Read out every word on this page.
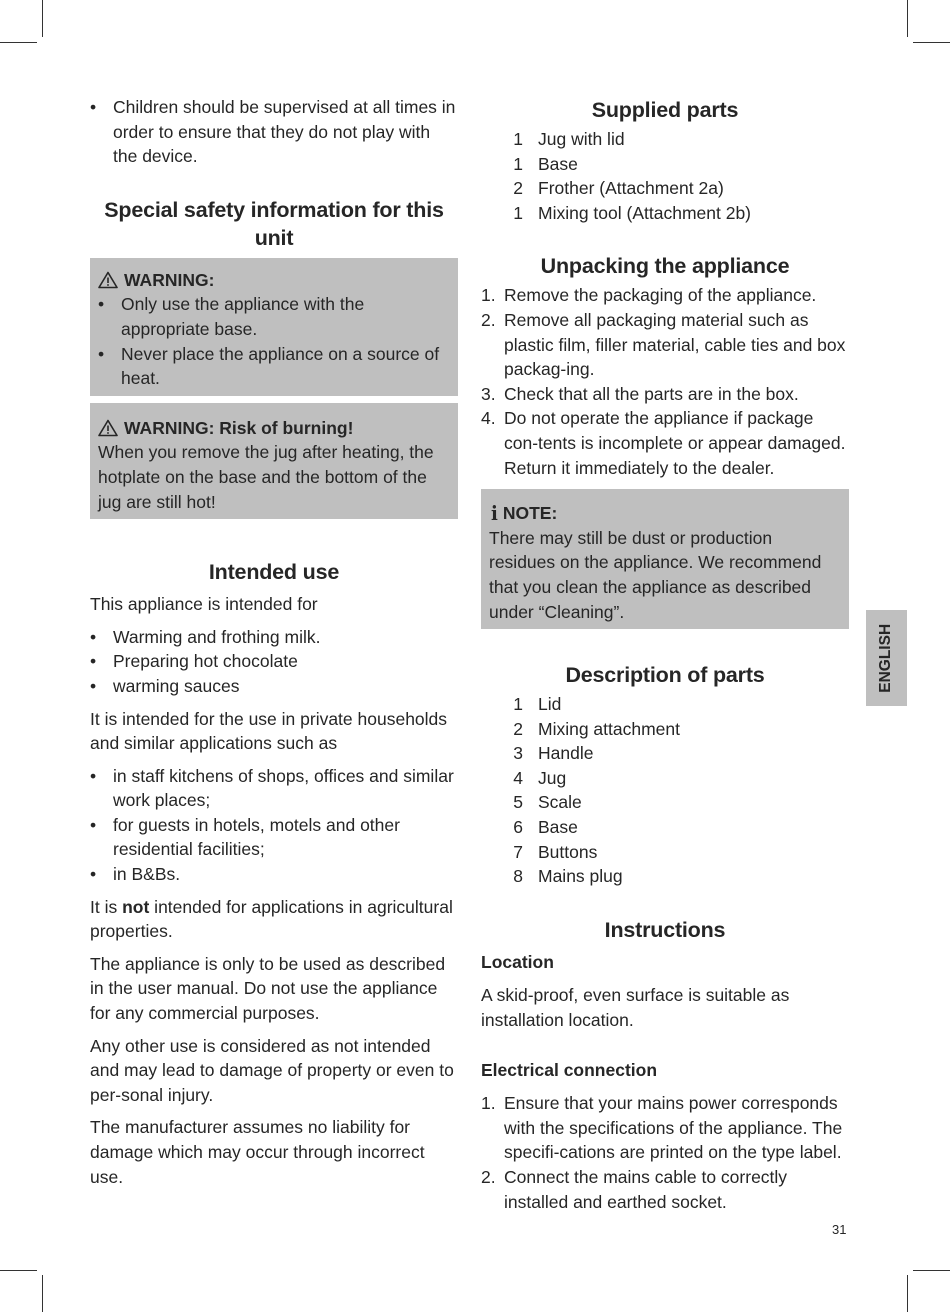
• Children should be supervised at all times in order to ensure that they do not play with the device.
Special safety information for this unit
WARNING:
• Only use the appliance with the appropriate base.
• Never place the appliance on a source of heat.
WARNING: Risk of burning!

When you remove the jug after heating, the hotplate on the base and the bottom of the jug are still hot!

Intended use

This appliance is intended for

• Warming and frothing milk.
• Preparing hot chocolate
• warming sauces

It is intended for the use in private households and similar applications such as

• in staff kitchens of shops, offices and similar work places;
• for guests in hotels, motels and other residential facilities;
• in B&Bs.

It is not intended for applications in agricultural properties.

The appliance is only to be used as described in the user manual. Do not use the appliance for any commercial purposes.

Any other use is considered as not intended and may lead to damage of property or even to per-sonal injury.

The manufacturer assumes no liability for damage which may occur through incorrect use.

Supplied parts
1 Jug with lid
1 Base
2 Frother (Attachment 2a)
1 Mixing tool (Attachment 2b)
Unpacking the appliance
1. Remove the packaging of the appliance.
2. Remove all packaging material such as plastic film, filler material, cable ties and box packag-ing.
3. Check that all the parts are in the box.
4. Do not operate the appliance if package con-tents is incomplete or appear damaged. Return it immediately to the dealer.
i NOTE:

There may still be dust or production residues on the appliance. We recommend that you clean the appliance as described under “Cleaning”.

Description of parts
1 Lid
2 Mixing attachment
3 Handle
4 Jug
5 Scale
6 Base
7 Buttons
8 Mains plug
Instructions
Location

A skid-proof, even surface is suitable as installation location.

Electrical connection
1. Ensure that your mains power corresponds with the specifications of the appliance. The specifi-cations are printed on the type label.
2. Connect the mains cable to correctly installed and earthed socket.
ENGLISH
31
